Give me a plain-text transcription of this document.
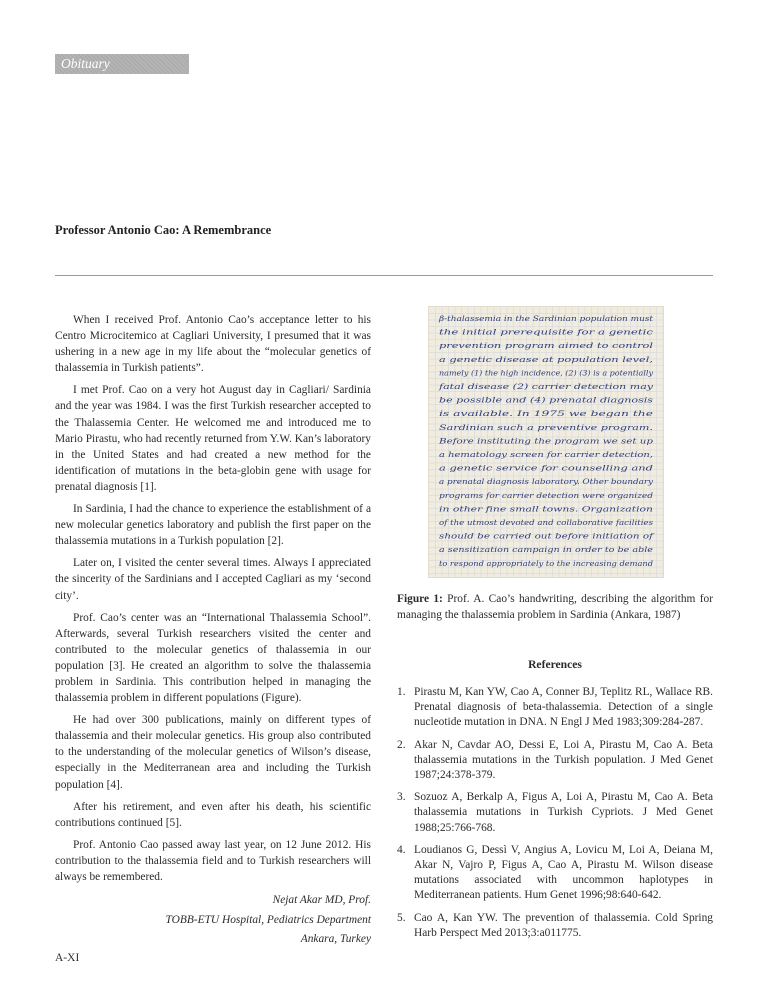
Obituary
Professor Antonio Cao: A Remembrance

When I received Prof. Antonio Cao’s acceptance letter to his Centro Microcitemico at Cagliari University, I presumed that it was ushering in a new age in my life about the “molecular genetics of thalassemia in Turkish patients”.

I met Prof. Cao on a very hot August day in Cagliari/ Sardinia and the year was 1984. I was the first Turkish researcher accepted to the Thalassemia Center. He welcomed me and introduced me to Mario Pirastu, who had recently returned from Y.W. Kan’s laboratory in the United States and had created a new method for the identification of mutations in the beta-globin gene with usage for prenatal diagnosis [1].

In Sardinia, I had the chance to experience the establishment of a new molecular genetics laboratory and publish the first paper on the thalassemia mutations in a Turkish population [2].

Later on, I visited the center several times. Always I appreciated the sincerity of the Sardinians and I accepted Cagliari as my ‘second city’.

Prof. Cao’s center was an “International Thalassemia School”. Afterwards, several Turkish researchers visited the center and contributed to the molecular genetics of thalassemia in our population [3]. He created an algorithm to solve the thalassemia problem in Sardinia. This contribution helped in managing the thalassemia problem in different populations (Figure).

He had over 300 publications, mainly on different types of thalassemia and their molecular genetics. His group also contributed to the understanding of the molecular genetics of Wilson’s disease, especially in the Mediterranean area and including the Turkish population [4].

After his retirement, and even after his death, his scientific contributions continued [5].

Prof. Antonio Cao passed away last year, on 12 June 2012. His contribution to the thalassemia field and to Turkish researchers will always be remembered.

Nejat Akar MD, Prof.
TOBB-ETU Hospital, Pediatrics Department
Ankara, Turkey
β-thalassemia in the Sardinian population must
the initial prerequisite for a genetic
prevention program aimed to control
a genetic disease at population level,
namely (1) the high incidence, (2) (3) is a potentially
fatal disease (2) carrier detection may
be possible and (4) prenatal diagnosis
is available. In 1975 we began the
Sardinian such a preventive program.
Before instituting the program we set up
a hematology screen for carrier detection,
a genetic service for counselling and
a prenatal diagnosis laboratory. Other boundary
programs for carrier detection were organized
in other fine small towns. Organization
of the utmost devoted and collaborative facilities
should be carried out before initiation of
a sensitization campaign in order to be able
to respond appropriately to the increasing demand
Figure 1: Prof. A. Cao’s handwriting, describing the algorithm for managing the thalassemia problem in Sardinia (Ankara, 1987)
References
1. Pirastu M, Kan YW, Cao A, Conner BJ, Teplitz RL, Wallace RB. Prenatal diagnosis of beta-thalassemia. Detection of a single nucleotide mutation in DNA. N Engl J Med 1983;309:284-287.
2. Akar N, Cavdar AO, Dessi E, Loi A, Pirastu M, Cao A. Beta thalassemia mutations in the Turkish population. J Med Genet 1987;24:378-379.
3. Sozuoz A, Berkalp A, Figus A, Loi A, Pirastu M, Cao A. Beta thalassemia mutations in Turkish Cypriots. J Med Genet 1988;25:766-768.
4. Loudianos G, Dessì V, Angius A, Lovicu M, Loi A, Deiana M, Akar N, Vajro P, Figus A, Cao A, Pirastu M. Wilson disease mutations associated with uncommon haplotypes in Mediterranean patients. Hum Genet 1996;98:640-642.
5. Cao A, Kan YW. The prevention of thalassemia. Cold Spring Harb Perspect Med 2013;3:a011775.
A-XI
